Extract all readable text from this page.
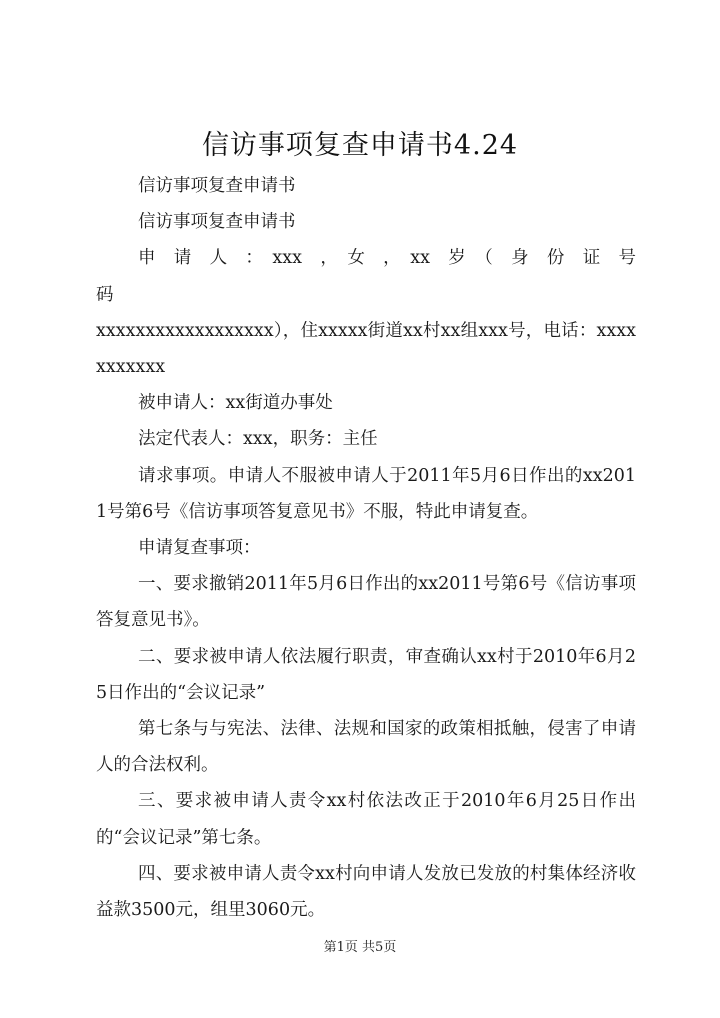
信访事项复查申请书4.24

信访事项复查申请书

信访事项复查申请书

申　请　人　：　xxx　，　女　，　xx　岁　（　身　份　证　号　码

xxxxxxxxxxxxxxxxxx），住xxxxx街道xx村xx组xxx号，电话：xxxxxxxxxxx

被申请人：xx街道办事处

法定代表人：xxx，职务：主任

请求事项。申请人不服被申请人于2011年5月6日作出的xx2011号第6号《信访事项答复意见书》不服，特此申请复查。

申请复查事项：

一、要求撤销2011年5月6日作出的xx2011号第6号《信访事项答复意见书》。

二、要求被申请人依法履行职责，审查确认xx村于2010年6月25日作出的“会议记录”

第七条与与宪法、法律、法规和国家的政策相抵触，侵害了申请人的合法权利。

三、要求被申请人责令xx村依法改正于2010年6月25日作出的“会议记录”第七条。

四、要求被申请人责令xx村向申请人发放已发放的村集体经济收益款3500元，组里3060元。

第1页 共5页
